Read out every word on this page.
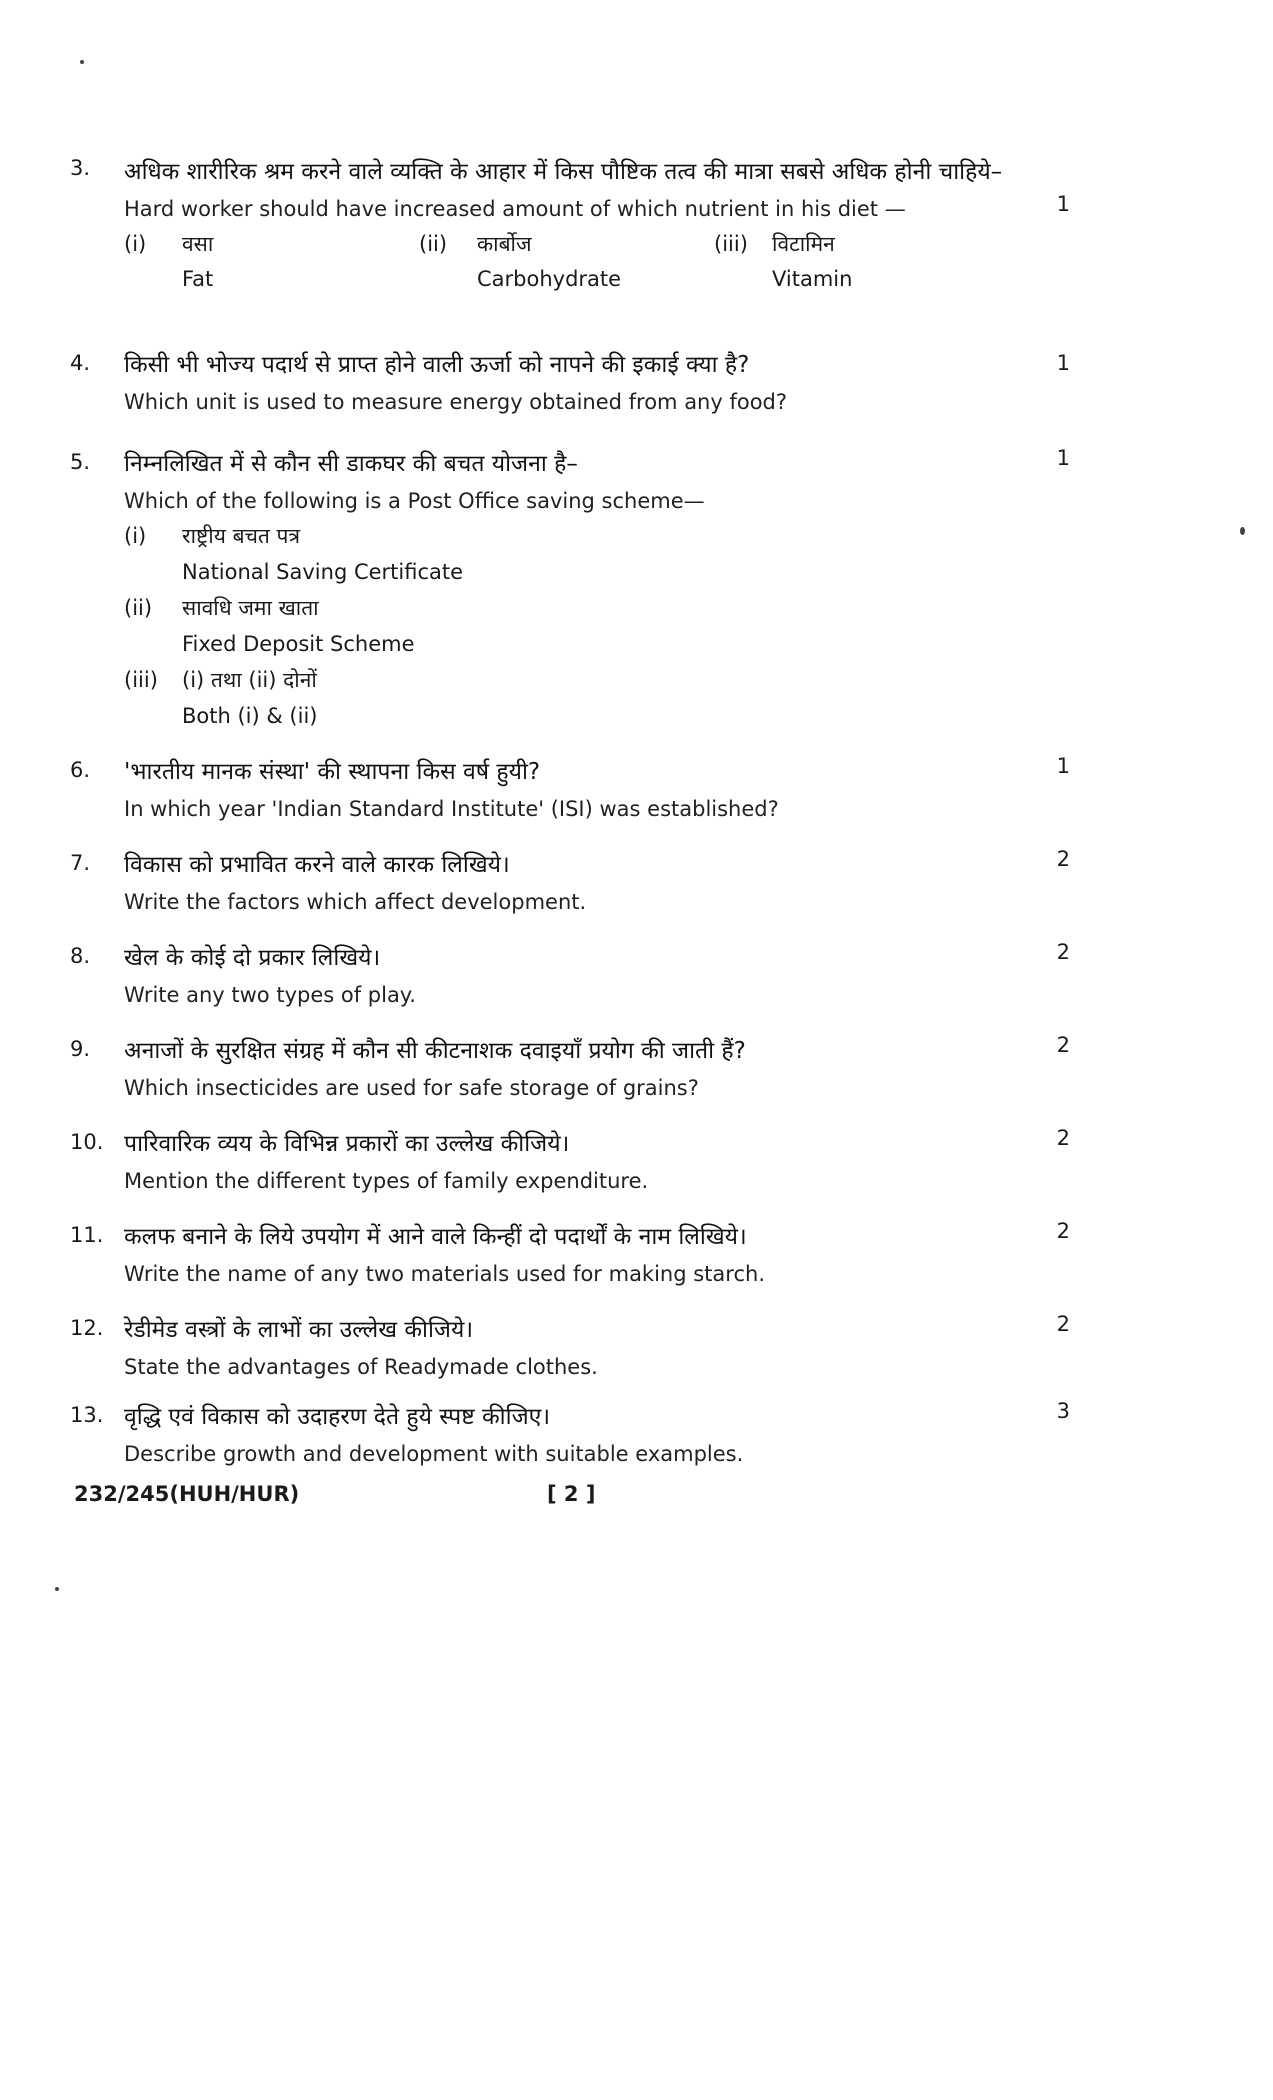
3.	अधिक शारीरिक श्रम करने वाले व्यक्ति के आहार में किस पौष्टिक तत्व की मात्रा सबसे अधिक होनी चाहिये–
Hard worker should have increased amount of which nutrient in his diet —
(i)	वसा	(ii)	कार्बोज	(iii)	विटामिन
Fat	Carbohydrate	Vitamin
1
4.	किसी भी भोज्य पदार्थ से प्राप्त होने वाली ऊर्जा को नापने की इकाई क्या है?
Which unit is used to measure energy obtained from any food?
1
5.	निम्नलिखित में से कौन सी डाकघर की बचत योजना है–
Which of the following is a Post Office saving scheme—
(i)	राष्ट्रीय बचत पत्र
National Saving Certificate
(ii)	सावधि जमा खाता
Fixed Deposit Scheme
(iii)	(i) तथा (ii) दोनों
Both (i) & (ii)
1
6.	'भारतीय मानक संस्था' की स्थापना किस वर्ष हुयी?
In which year 'Indian Standard Institute' (ISI) was established?
1
7.	विकास को प्रभावित करने वाले कारक लिखिये।
Write the factors which affect development.
2
8.	खेल के कोई दो प्रकार लिखिये।
Write any two types of play.
2
9.	अनाजों के सुरक्षित संग्रह में कौन सी कीटनाशक दवाइयाँ प्रयोग की जाती हैं?
Which insecticides are used for safe storage of grains?
2
10. पारिवारिक व्यय के विभिन्न प्रकारों का उल्लेख कीजिये।
Mention the different types of family expenditure.
2
11. कलफ बनाने के लिये उपयोग में आने वाले किन्हीं दो पदार्थों के नाम लिखिये।
Write the name of any two materials used for making starch.
2
12. रेडीमेड वस्त्रों के लाभों का उल्लेख कीजिये।
State the advantages of Readymade clothes.
2
13. वृद्धि एवं विकास को उदाहरण देते हुये स्पष्ट कीजिए।
Describe growth and development with suitable examples.
3
232/245(HUH/HUR)	[ 2 ]
